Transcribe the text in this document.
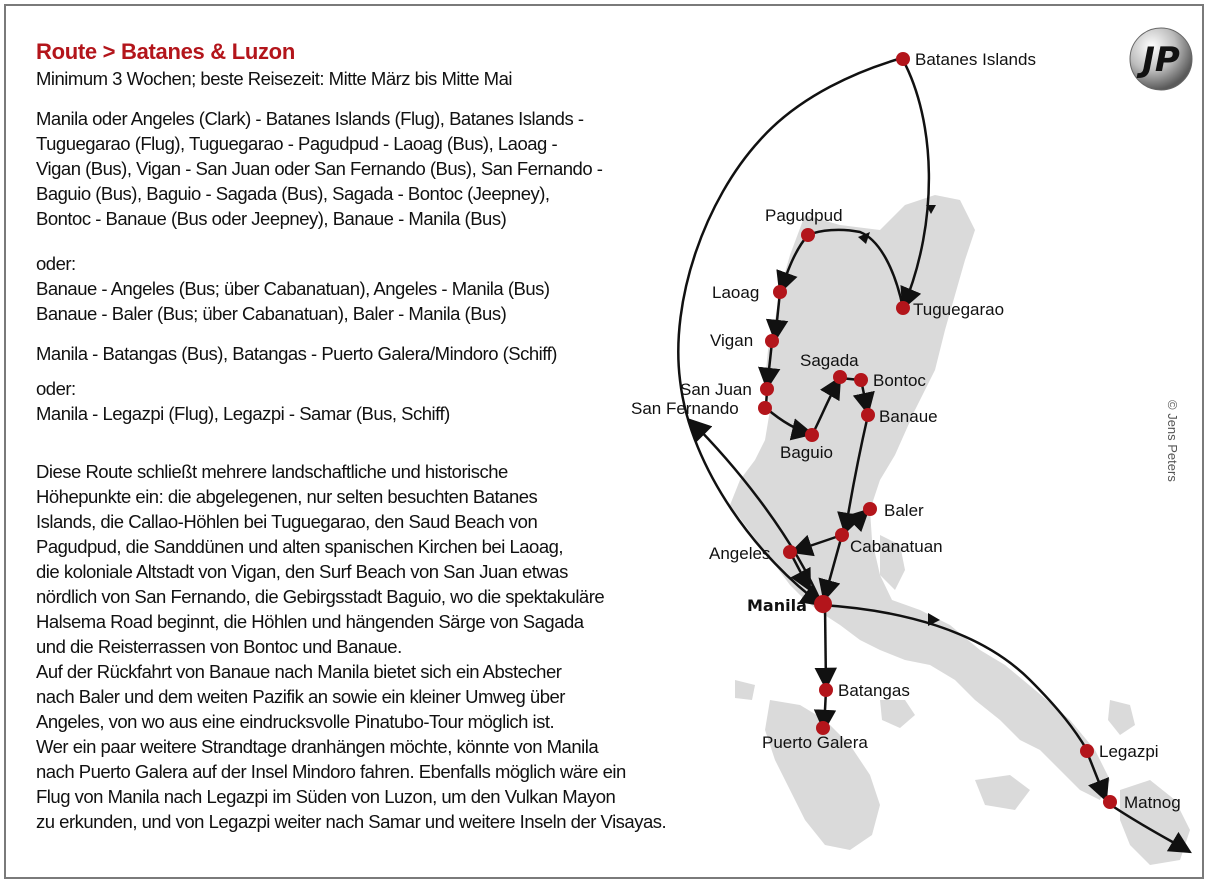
Batanes Islands
Pagudpud
Laoag
Vigan
Tuguegarao
Sagada
San Juan	Bontoc
San Fernando	Banaue
Baguio
Baler
Cabanatuan
Angeles
Manila
Batangas
Puerto Galera	Legazpi
Matnog
JP
Route > Batanes & Luzon
Minimum 3 Wochen; beste Reisezeit: Mitte März bis Mitte Mai
Manila oder Angeles (Clark) - Batanes Islands (Flug), Batanes Islands -
Tuguegarao (Flug), Tuguegarao - Pagudpud - Laoag (Bus), Laoag -
Vigan (Bus), Vigan - San Juan oder San Fernando (Bus), San Fernando -
Baguio (Bus), Baguio - Sagada (Bus), Sagada - Bontoc (Jeepney),
Bontoc - Banaue (Bus oder Jeepney), Banaue - Manila (Bus)
oder:
Banaue - Angeles (Bus; über Cabanatuan), Angeles - Manila (Bus)
Banaue - Baler (Bus; über Cabanatuan), Baler - Manila (Bus)
Manila - Batangas (Bus), Batangas - Puerto Galera/Mindoro (Schiff)
oder:
Manila - Legazpi (Flug), Legazpi - Samar (Bus, Schiff)
Diese Route schließt mehrere landschaftliche und historische
Höhepunkte ein: die abgelegenen, nur selten besuchten Batanes
Islands, die Callao-Höhlen bei Tuguegarao, den Saud Beach von
Pagudpud, die Sanddünen und alten spanischen Kirchen bei Laoag,
die koloniale Altstadt von Vigan, den Surf Beach von San Juan etwas
nördlich von San Fernando, die Gebirgsstadt Baguio, wo die spektakuläre
Halsema Road beginnt, die Höhlen und hängenden Särge von Sagada
und die Reisterrassen von Bontoc und Banaue.
Auf der Rückfahrt von Banaue nach Manila bietet sich ein Abstecher
nach Baler und dem weiten Pazifik an sowie ein kleiner Umweg über
Angeles, von wo aus eine eindrucksvolle Pinatubo-Tour möglich ist.
Wer ein paar weitere Strandtage dranhängen möchte, könnte von Manila
nach Puerto Galera auf der Insel Mindoro fahren. Ebenfalls möglich wäre ein
Flug von Manila nach Legazpi im Süden von Luzon, um den Vulkan Mayon
zu erkunden, und von Legazpi weiter nach Samar und weitere Inseln der Visayas.
© Jens Peters
